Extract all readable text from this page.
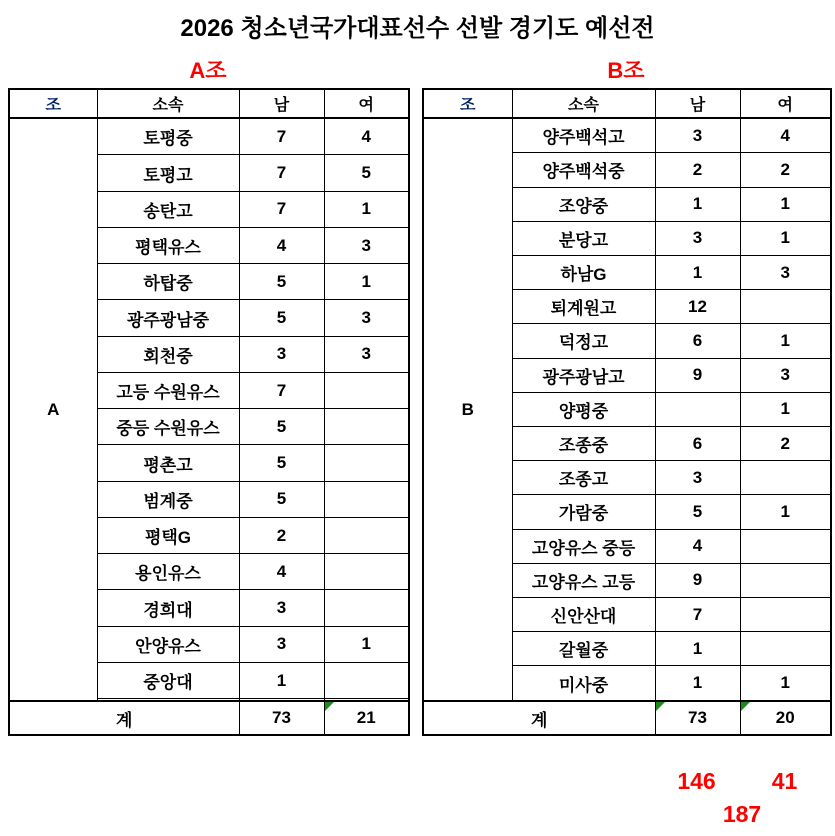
2026 청소년국가대표선수 선발 경기도 예선전
A조	B조
조	소속	남	여
A	토평중	7	4
	토평고	7	5
	송탄고	7	1
	평택유스	4	3
	하탑중	5	1
	광주광남중	5	3
	회천중	3	3
	고등 수원유스	7	
	중등 수원유스	5	
	평촌고	5	
	범계중	5	
	평택G	2	
	용인유스	4	
	경희대	3	
	안양유스	3	1
	중앙대	1	

계		73	21
조	소속	남	여
B	양주백석고	3	4
	양주백석중	2	2
	조양중	1	1
	분당고	3	1
	하남G	1	3
	퇴계원고	12	
	덕정고	6	1
	광주광남고	9	3
	양평중		1
	조종중	6	2
	조종고	3	
	가람중	5	1
	고양유스 중등	4	
	고양유스 고등	9	
	신안산대	7	
	갈월중	1	
	미사중	1	1
계		73	20
146	41
187
